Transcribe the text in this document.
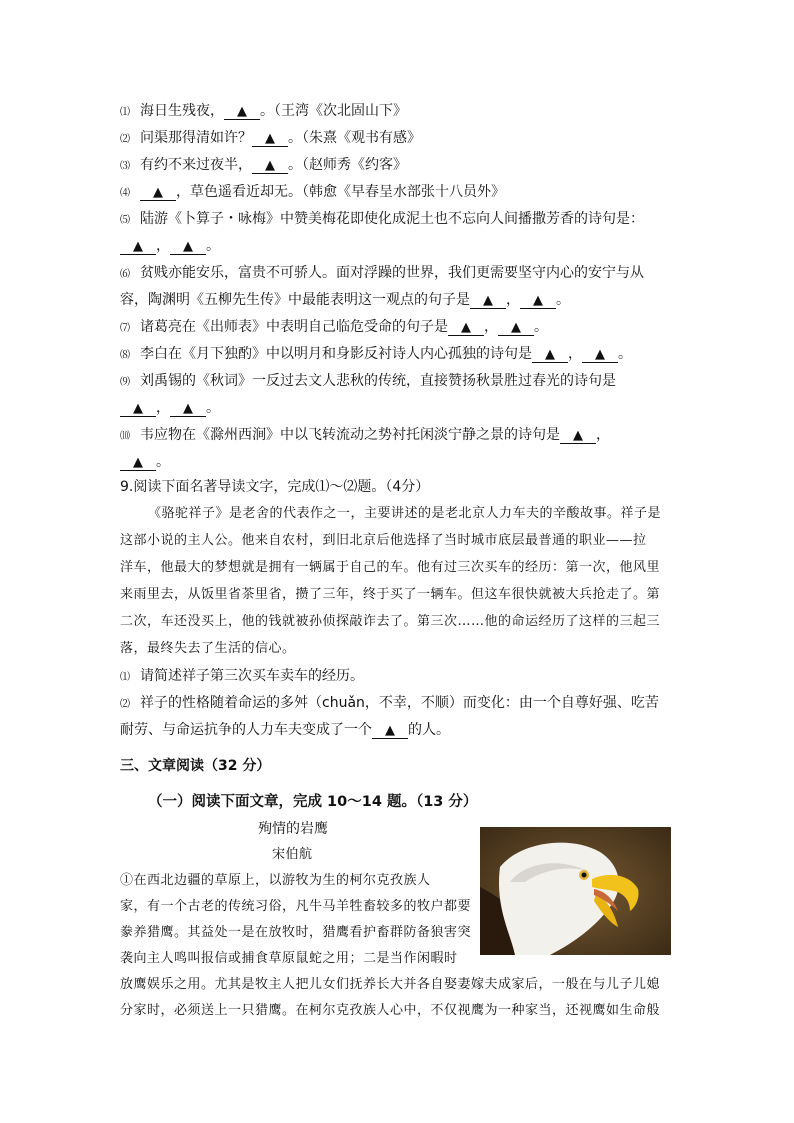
⑴ 海日生残夜， ▲ 。（王湾《次北固山下》
⑵ 问渠那得清如许？ ▲ 。（朱熹《观书有感》
⑶ 有约不来过夜半， ▲ 。（赵师秀《约客》
⑷ ▲ ，草色遥看近却无。（韩愈《早春呈水部张十八员外》
⑸ 陆游《卜算子・咏梅》中赞美梅花即使化成泥土也不忘向人间播撒芳香的诗句是：
▲ ， ▲ 。
⑹ 贫贱亦能安乐，富贵不可骄人。面对浮躁的世界，我们更需要坚守内心的安宁与从
容，陶渊明《五柳先生传》中最能表明这一观点的句子是 ▲ ， ▲ 。
⑺ 诸葛亮在《出师表》中表明自己临危受命的句子是 ▲ ， ▲ 。
⑻ 李白在《月下独酌》中以明月和身影反衬诗人内心孤独的诗句是 ▲ ， ▲ 。
⑼ 刘禹锡的《秋词》一反过去文人悲秋的传统，直接赞扬秋景胜过春光的诗句是
▲ ， ▲ 。
⑽ 韦应物在《滁州西涧》中以飞转流动之势衬托闲淡宁静之景的诗句是 ▲ ，
▲ 。
9.阅读下面名著导读文字，完成⑴～⑵题。（4分）
《骆驼祥子》是老舍的代表作之一，主要讲述的是老北京人力车夫的辛酸故事。祥子是
这部小说的主人公。他来自农村，到旧北京后他选择了当时城市底层最普通的职业——拉
洋车，他最大的梦想就是拥有一辆属于自己的车。他有过三次买车的经历：第一次，他风里
来雨里去，从饭里省茶里省，攒了三年，终于买了一辆车。但这车很快就被大兵抢走了。第
二次，车还没买上，他的钱就被孙侦探敲诈去了。第三次……他的命运经历了这样的三起三
落，最终失去了生活的信心。
⑴ 请简述祥子第三次买车卖车的经历。
⑵ 祥子的性格随着命运的多舛（chuǎn，不幸，不顺）而变化：由一个自尊好强、吃苦
耐劳、与命运抗争的人力车夫变成了一个 ▲ 的人。
三、文章阅读（32 分）
（一）阅读下面文章，完成 10～14 题。（13 分）
殉情的岩鹰
宋伯航
①在西北边疆的草原上，以游牧为生的柯尔克孜族人
家，有一个古老的传统习俗，凡牛马羊牲畜较多的牧户都要
豢养猎鹰。其益处一是在放牧时，猎鹰看护畜群防备狼害突
袭向主人鸣叫报信或捕食草原鼠蛇之用；二是当作闲暇时
放鹰娱乐之用。尤其是牧主人把儿女们抚养长大并各自娶妻嫁夫成家后，一般在与儿子儿媳
分家时，必须送上一只猎鹰。在柯尔克孜族人心中，不仅视鹰为一种家当，还视鹰如生命般
